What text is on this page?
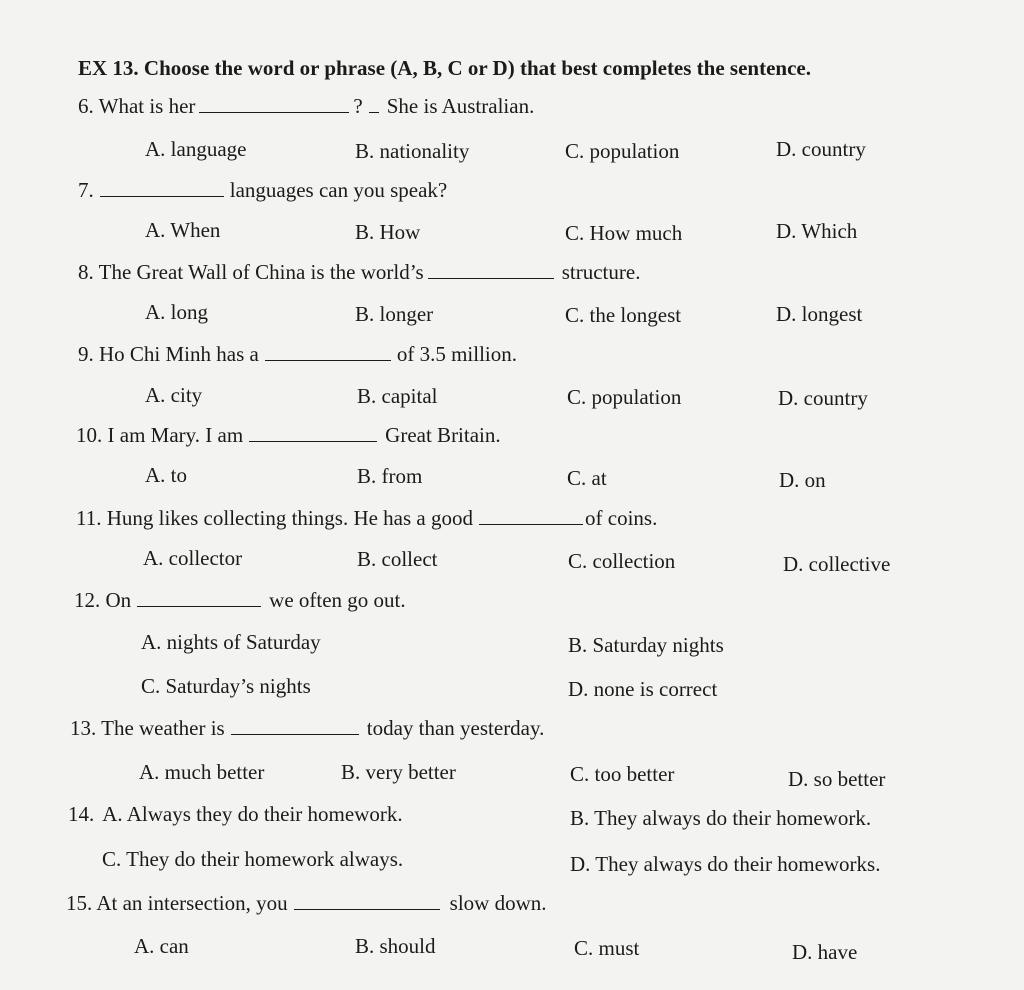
EX 13. Choose the word or phrase (A, B, C or D) that best completes the sentence.
6. What is her	? She is Australian.
A. language	B. nationality	C. population	D. country
7.	languages can you speak?
A. When	B. How	C. How much	D. Which
8. The Great Wall of China is the world’s	structure.
A. long	B. longer	C. the longest	D. longest
9. Ho Chi Minh has a	of 3.5 million.
A. city	B. capital	C. population	D. country
10. I am Mary. I am	Great Britain.
A. to	B. from	C. at	D. on
11. Hung likes collecting things. He has a good	of coins.
A. collector	B. collect	C. collection	D. collective
12. On	we often go out.
A. nights of Saturday	B. Saturday nights
C. Saturday’s nights	D. none is correct
13. The weather is	today than yesterday.
A. much better	B. very better	C. too better	D. so better
14. A. Always they do their homework.	B. They always do their homework.
C. They do their homework always.	D. They always do their homeworks.
15. At an intersection, you	slow down.
A. can	B. should	C. must	D. have
